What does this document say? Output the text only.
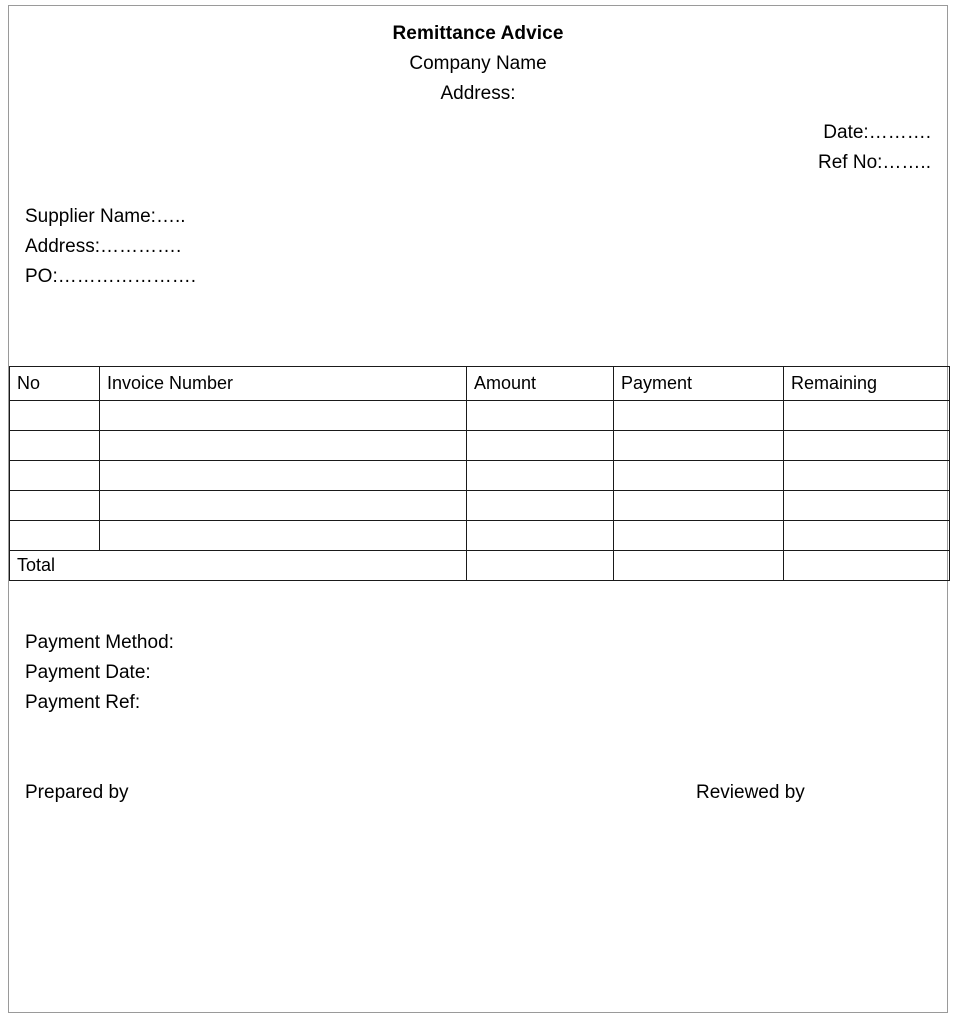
Remittance Advice
Company Name
Address:
Date:……….
Ref No:……..
Supplier Name:…..
Address:………….
PO:………………….
No	Invoice Number	Amount	Payment	Remaining

Total				
Payment Method:
Payment Date:
Payment Ref:
Prepared by	Reviewed by
